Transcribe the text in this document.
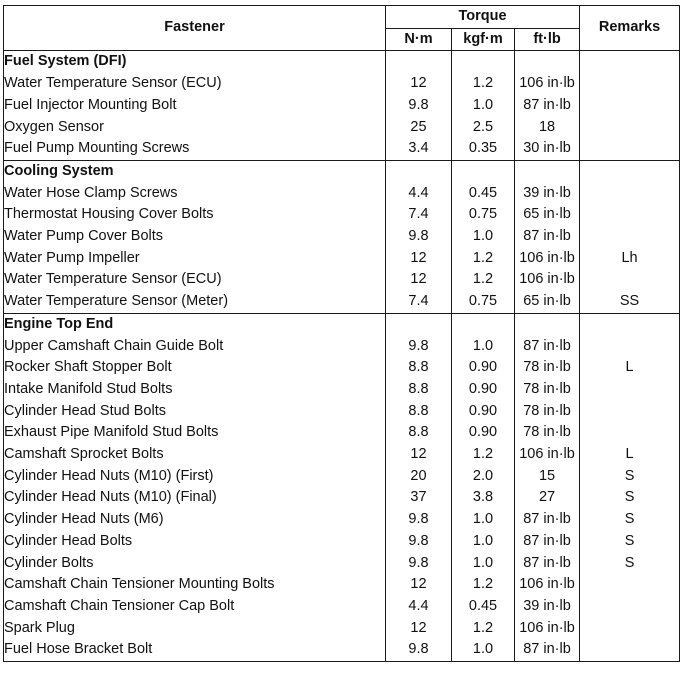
Fastener	Torque			Remarks
	N·m	kgf·m	ft·lb	
Fuel System (DFI)				
Water Temperature Sensor (ECU)	12	1.2	106 in·lb	
Fuel Injector Mounting Bolt	9.8	1.0	87 in·lb	
Oxygen Sensor	25	2.5	18	
Fuel Pump Mounting Screws	3.4	0.35	30 in·lb	
Cooling System				
Water Hose Clamp Screws	4.4	0.45	39 in·lb	
Thermostat Housing Cover Bolts	7.4	0.75	65 in·lb	
Water Pump Cover Bolts	9.8	1.0	87 in·lb	
Water Pump Impeller	12	1.2	106 in·lb	Lh
Water Temperature Sensor (ECU)	12	1.2	106 in·lb	
Water Temperature Sensor (Meter)	7.4	0.75	65 in·lb	SS
Engine Top End				
Upper Camshaft Chain Guide Bolt	9.8	1.0	87 in·lb	
Rocker Shaft Stopper Bolt	8.8	0.90	78 in·lb	L
Intake Manifold Stud Bolts	8.8	0.90	78 in·lb	
Cylinder Head Stud Bolts	8.8	0.90	78 in·lb	
Exhaust Pipe Manifold Stud Bolts	8.8	0.90	78 in·lb	
Camshaft Sprocket Bolts	12	1.2	106 in·lb	L
Cylinder Head Nuts (M10) (First)	20	2.0	15	S
Cylinder Head Nuts (M10) (Final)	37	3.8	27	S
Cylinder Head Nuts (M6)	9.8	1.0	87 in·lb	S
Cylinder Head Bolts	9.8	1.0	87 in·lb	S
Cylinder Bolts	9.8	1.0	87 in·lb	S
Camshaft Chain Tensioner Mounting Bolts	12	1.2	106 in·lb	
Camshaft Chain Tensioner Cap Bolt	4.4	0.45	39 in·lb	
Spark Plug	12	1.2	106 in·lb	
Fuel Hose Bracket Bolt	9.8	1.0	87 in·lb	
